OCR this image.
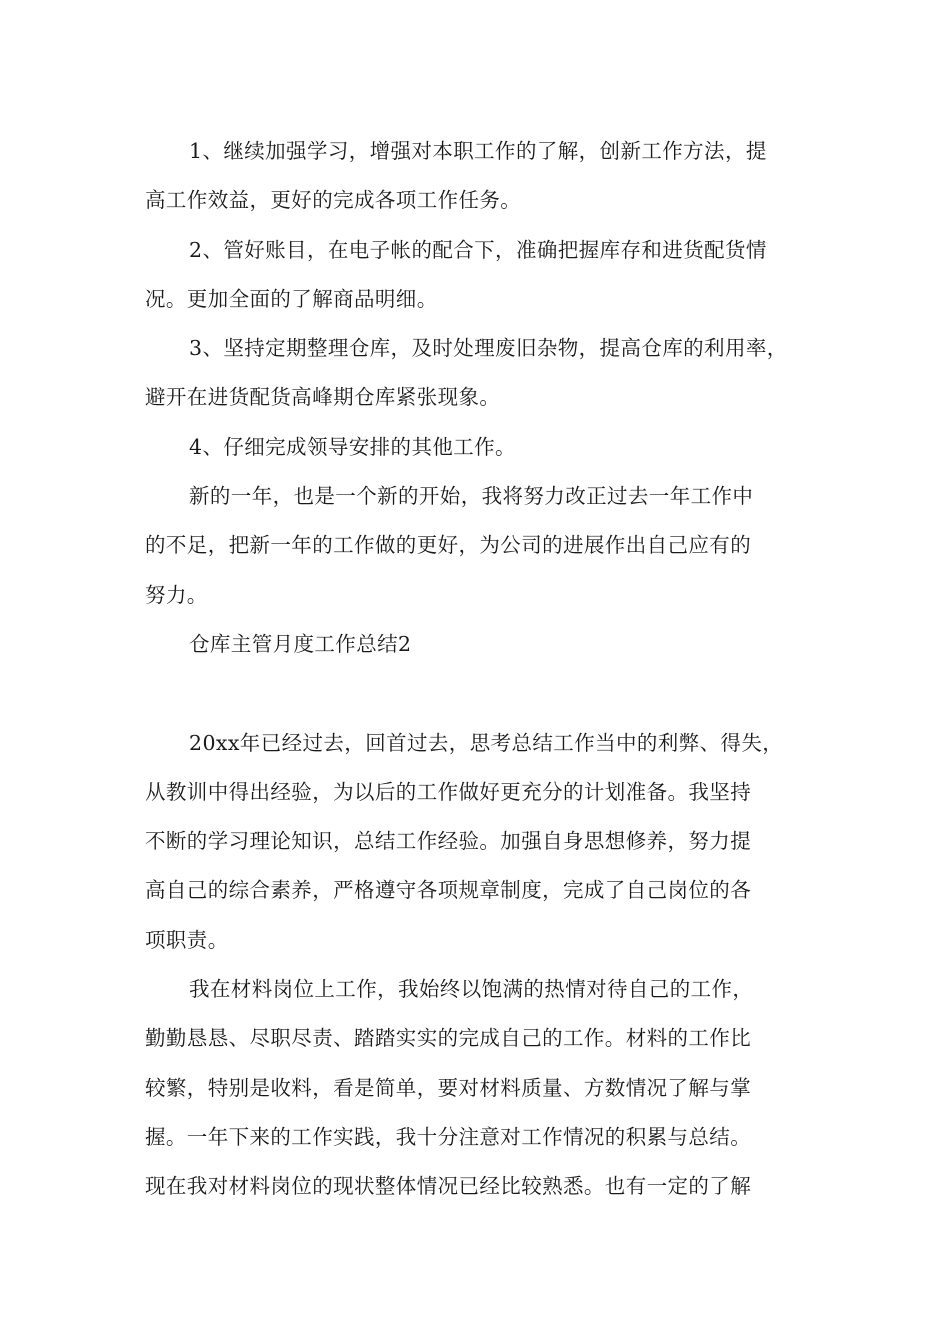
1、继续加强学习，增强对本职工作的了解，创新工作方法，提
高工作效益，更好的完成各项工作任务。
2、管好账目，在电子帐的配合下，准确把握库存和进货配货情
况。更加全面的了解商品明细。
3、坚持定期整理仓库，及时处理废旧杂物，提高仓库的利用率，
避开在进货配货高峰期仓库紧张现象。
4、仔细完成领导安排的其他工作。
新的一年，也是一个新的开始，我将努力改正过去一年工作中
的不足，把新一年的工作做的更好，为公司的进展作出自己应有的
努力。
仓库主管月度工作总结2
20xx年已经过去，回首过去，思考总结工作当中的利弊、得失，
从教训中得出经验，为以后的工作做好更充分的计划准备。我坚持
不断的学习理论知识，总结工作经验。加强自身思想修养，努力提
高自己的综合素养，严格遵守各项规章制度，完成了自己岗位的各
项职责。
我在材料岗位上工作，我始终以饱满的热情对待自己的工作，
勤勤恳恳、尽职尽责、踏踏实实的完成自己的工作。材料的工作比
较繁，特别是收料，看是简单，要对材料质量、方数情况了解与掌
握。一年下来的工作实践，我十分注意对工作情况的积累与总结。
现在我对材料岗位的现状整体情况已经比较熟悉。也有一定的了解
